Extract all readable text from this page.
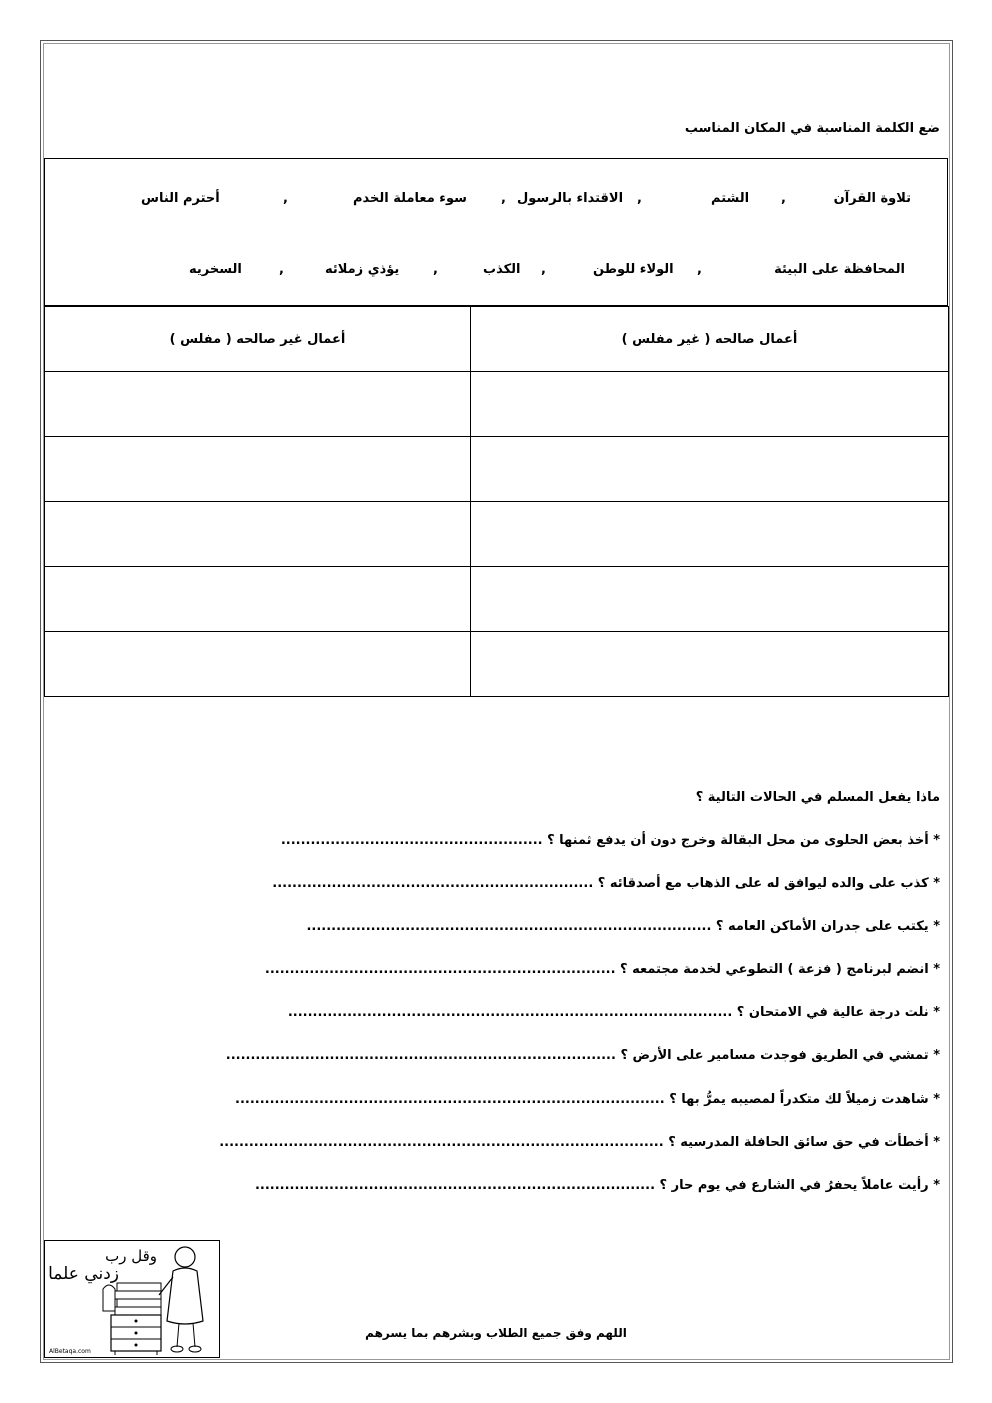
ضع الكلمة المناسبة في المكان المناسب
تلاوة القرآن
,
الشتم
,
الاقتداء بالرسول
,
سوء معاملة الخدم
,
أحترم الناس
المحافظة على البيئة
,
الولاء للوطن
,
الكذب
,
يؤذي زملائه
,
السخريه
أعمال غير صالحه ( مفلس )	أعمال صالحه ( غير مفلس )

ماذا يفعل المسلم في الحالات التالية ؟
* أخذ بعض الحلوى من محل البقالة وخرج دون أن يدفع ثمنها ؟ .....................................................
* كذب على والده ليوافق له على الذهاب مع أصدقائه ؟ .................................................................
* يكتب على جدران الأماكن العامه ؟ ..................................................................................
* انضم لبرنامج ( فزعة ) التطوعي لخدمة مجتمعه ؟ .......................................................................
* نلت درجة عالية في الامتحان ؟ ..........................................................................................
* تمشي في الطريق فوجدت مسامير على الأرض ؟ ...............................................................................
* شاهدت زميلاً لك متكدراً لمصيبه يمرُّ بها ؟ .......................................................................................
* أخطأت في حق سائق الحافلة المدرسيه ؟ ..........................................................................................
* رأيت عاملاً يحفرُ في الشارع في يوم حار ؟ .................................................................................
وقل رب
زدني علما
AlBetaqa.com
اللهم وفق جميع الطلاب وبشرهم بما يسرهم
